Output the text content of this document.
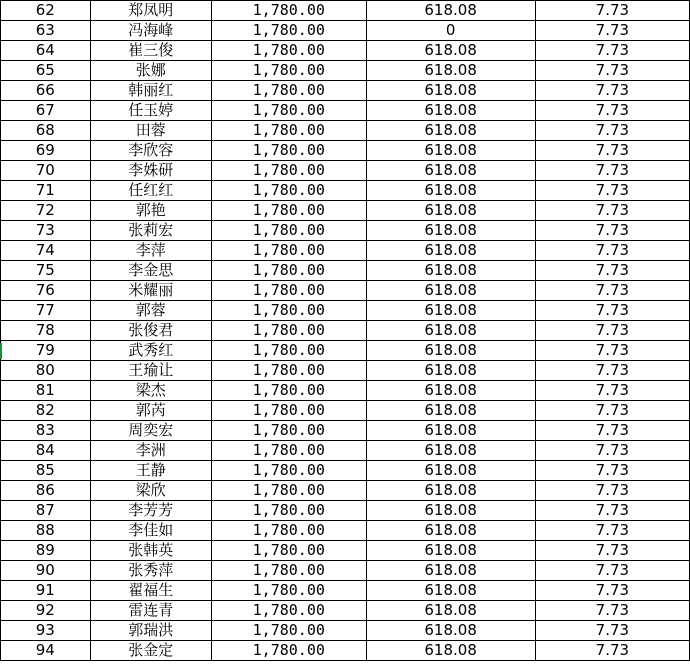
62	郑凤明	1,780.00	618.08	7.73
63	冯海峰	1,780.00	0	7.73
64	崔三俊	1,780.00	618.08	7.73
65	张娜	1,780.00	618.08	7.73
66	韩丽红	1,780.00	618.08	7.73
67	任玉婷	1,780.00	618.08	7.73
68	田蓉	1,780.00	618.08	7.73
69	李欣容	1,780.00	618.08	7.73
70	李姝研	1,780.00	618.08	7.73
71	任红红	1,780.00	618.08	7.73
72	郭艳	1,780.00	618.08	7.73
73	张莉宏	1,780.00	618.08	7.73
74	李萍	1,780.00	618.08	7.73
75	李金思	1,780.00	618.08	7.73
76	米耀丽	1,780.00	618.08	7.73
77	郭蓉	1,780.00	618.08	7.73
78	张俊君	1,780.00	618.08	7.73
79	武秀红	1,780.00	618.08	7.73
80	王瑜让	1,780.00	618.08	7.73
81	梁杰	1,780.00	618.08	7.73
82	郭芮	1,780.00	618.08	7.73
83	周奕宏	1,780.00	618.08	7.73
84	李洲	1,780.00	618.08	7.73
85	王静	1,780.00	618.08	7.73
86	梁欣	1,780.00	618.08	7.73
87	李芳芳	1,780.00	618.08	7.73
88	李佳如	1,780.00	618.08	7.73
89	张韩英	1,780.00	618.08	7.73
90	张秀萍	1,780.00	618.08	7.73
91	翟福生	1,780.00	618.08	7.73
92	雷连青	1,780.00	618.08	7.73
93	郭瑞洪	1,780.00	618.08	7.73
94	张金定	1,780.00	618.08	7.73
